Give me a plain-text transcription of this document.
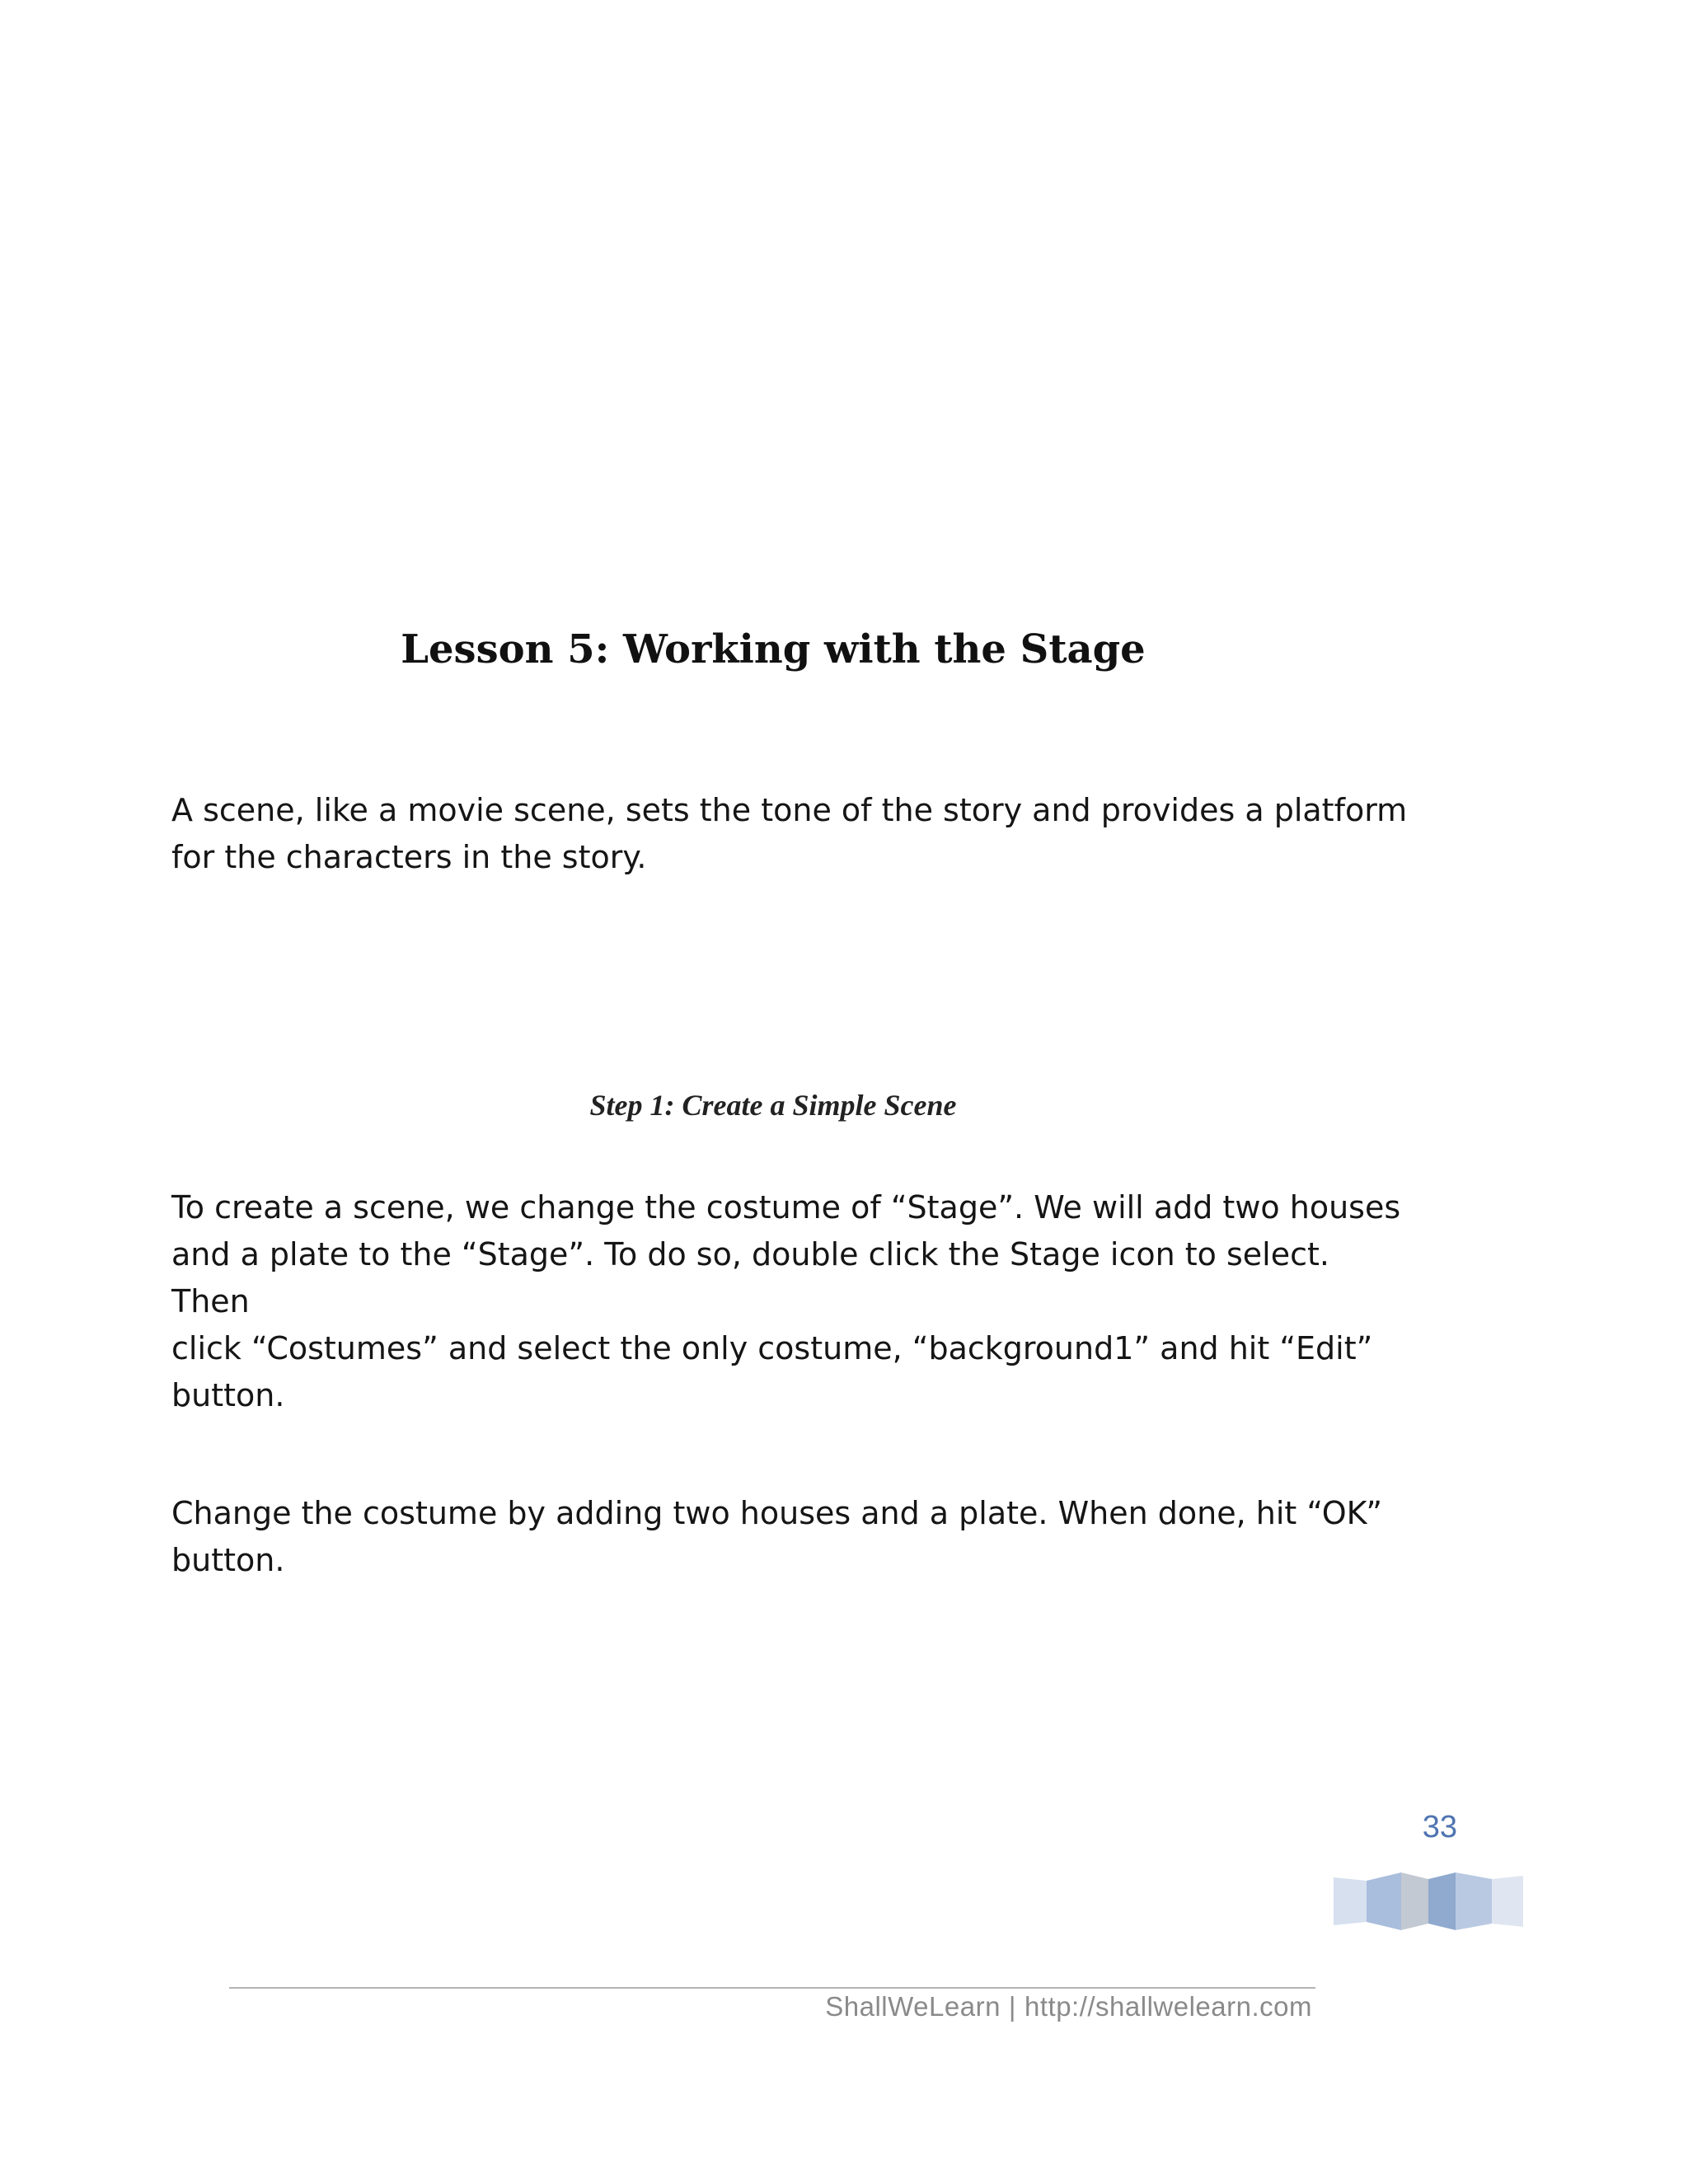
Lesson 5: Working with the Stage

A scene, like a movie scene, sets the tone of the story and provides a platform
for the characters in the story.

Step 1: Create a Simple Scene

To create a scene, we change the costume of “Stage”. We will add two houses
and a plate to the “Stage”. To do so, double click the Stage icon to select. Then
click “Costumes” and select the only costume, “background1” and hit “Edit”
button.

Change the costume by adding two houses and a plate. When done, hit “OK”
button.

33
ShallWeLearn | http://shallwelearn.com
